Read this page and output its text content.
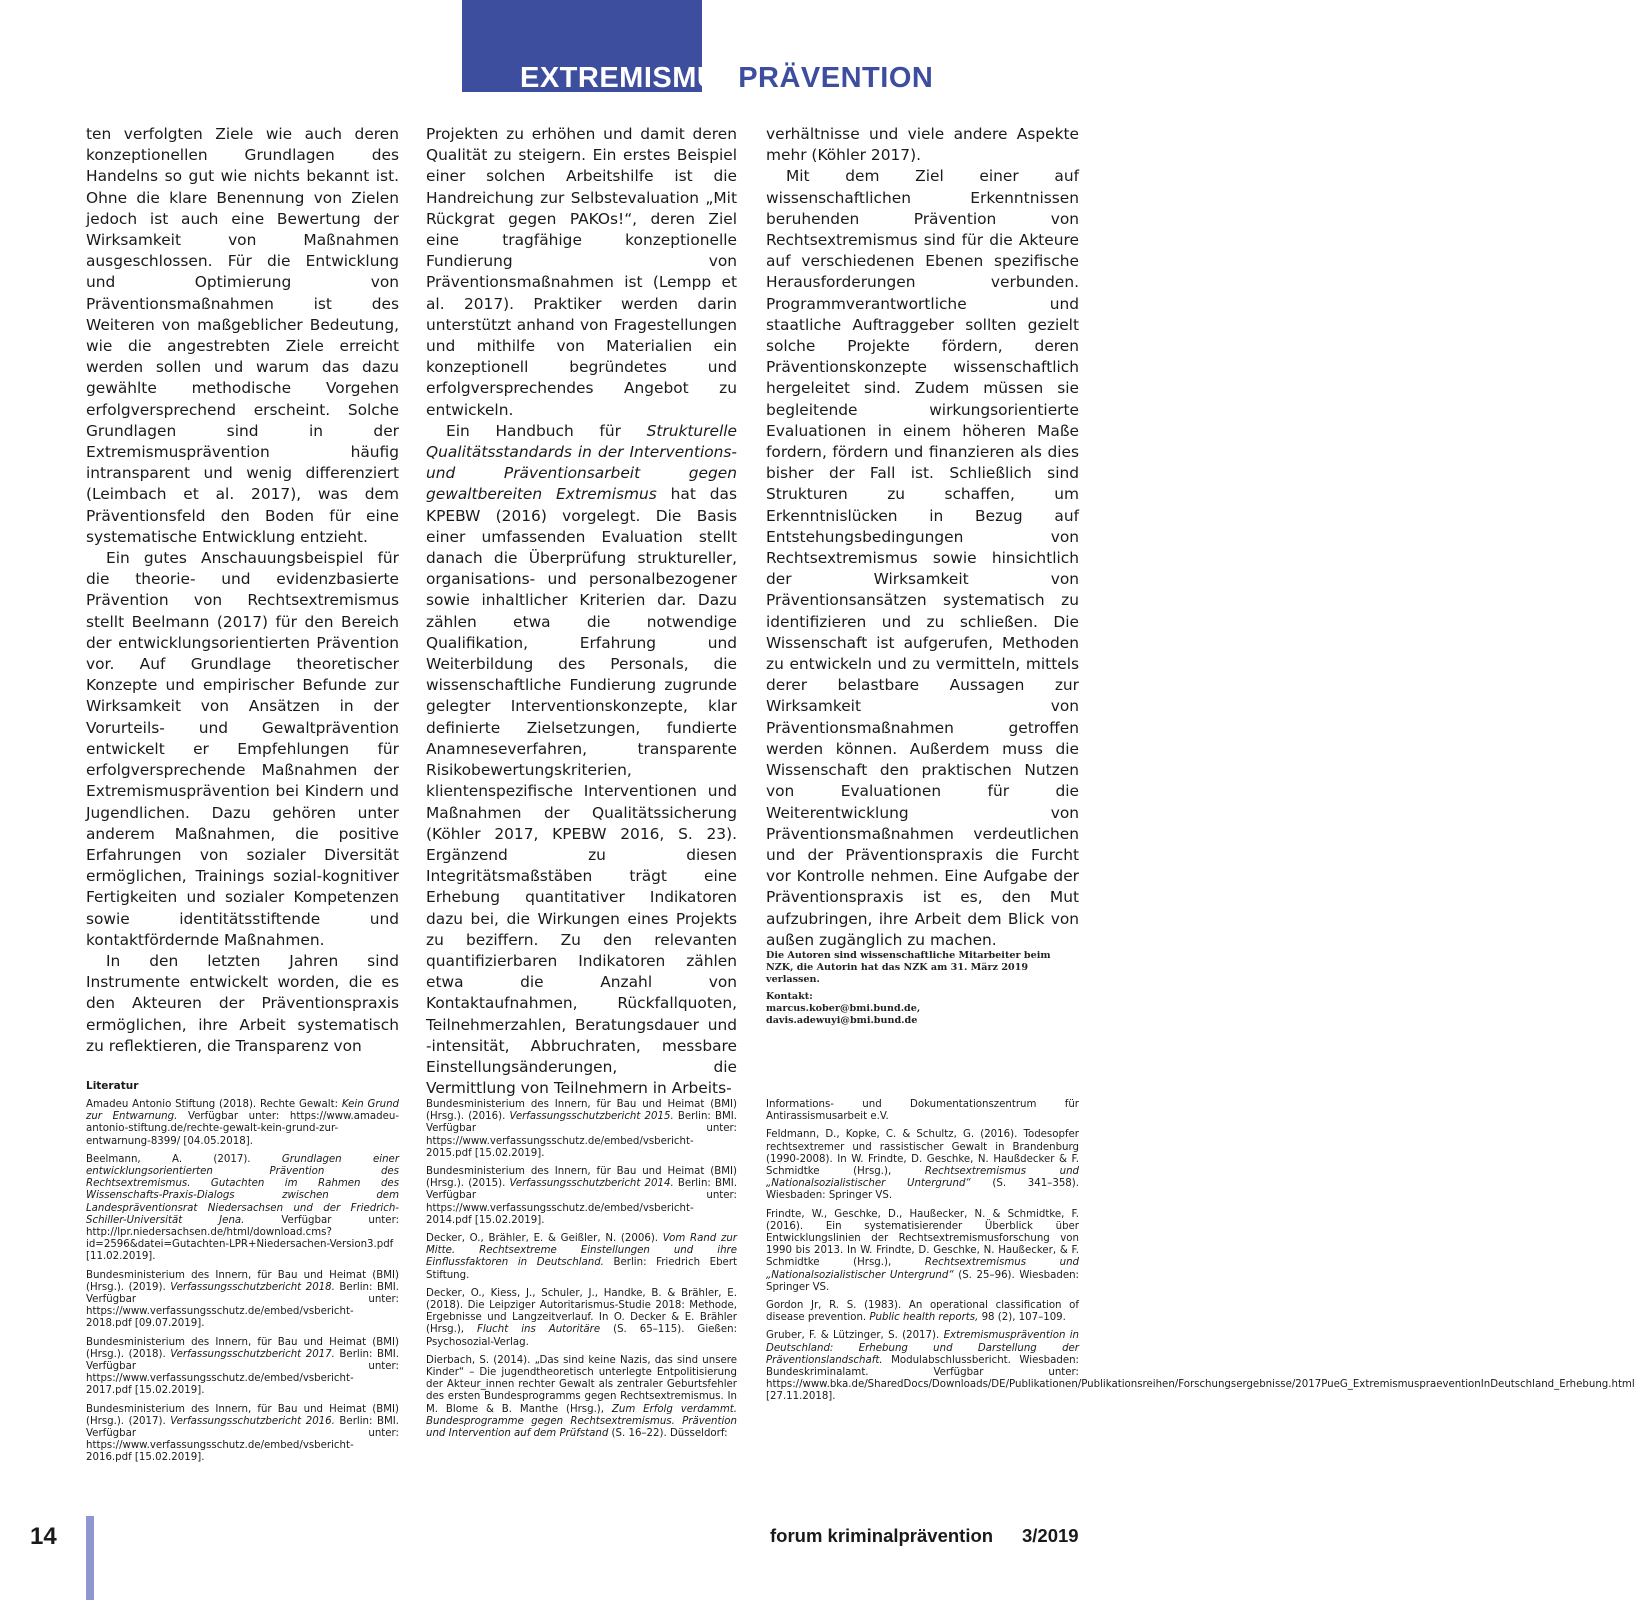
EXTREMISMUSPRÄVENTION

ten verfolgten Ziele wie auch deren konzeptionellen Grundlagen des Handelns so gut wie nichts bekannt ist. Ohne die klare Benennung von Zielen jedoch ist auch eine Bewertung der Wirksamkeit von Maßnahmen ausgeschlossen. Für die Entwicklung und Optimierung von Präventionsmaßnahmen ist des Weiteren von maßgeblicher Bedeutung, wie die angestrebten Ziele erreicht werden sollen und warum das dazu gewählte methodische Vorgehen erfolgversprechend erscheint. Solche Grundlagen sind in der Extremismusprävention häufig intransparent und wenig differenziert (Leimbach et al. 2017), was dem Präventionsfeld den Boden für eine systematische Entwicklung entzieht.

Ein gutes Anschauungsbeispiel für die theorie- und evidenzbasierte Prävention von Rechtsextremismus stellt Beelmann (2017) für den Bereich der entwicklungsorientierten Prävention vor. Auf Grundlage theoretischer Konzepte und empirischer Befunde zur Wirksamkeit von Ansätzen in der Vorurteils- und Gewaltprävention entwickelt er Empfehlungen für erfolgversprechende Maßnahmen der Extremismusprävention bei Kindern und Jugendlichen. Dazu gehören unter anderem Maßnahmen, die positive Erfahrungen von sozialer Diversität ermöglichen, Trainings sozial-kognitiver Fertigkeiten und sozialer Kompetenzen sowie identitätsstiftende und kontaktfördernde Maßnahmen.

In den letzten Jahren sind Instrumente entwickelt worden, die es den Akteuren der Präventionspraxis ermöglichen, ihre Arbeit systematisch zu reflektieren, die Transparenz von

Projekten zu erhöhen und damit deren Qualität zu steigern. Ein erstes Beispiel einer solchen Arbeitshilfe ist die Handreichung zur Selbstevaluation „Mit Rückgrat gegen PAKOs!“, deren Ziel eine tragfähige konzeptionelle Fundierung von Präventionsmaßnahmen ist (Lempp et al. 2017). Praktiker werden darin unterstützt anhand von Fragestellungen und mithilfe von Materialien ein konzeptionell begründetes und erfolgversprechendes Angebot zu entwickeln.

Ein Handbuch für Strukturelle Qualitätsstandards in der Interventions- und Präventionsarbeit gegen gewaltbereiten Extremismus hat das KPEBW (2016) vorgelegt. Die Basis einer umfassenden Evaluation stellt danach die Überprüfung struktureller, organisations- und personalbezogener sowie inhaltlicher Kriterien dar. Dazu zählen etwa die notwendige Qualifikation, Erfahrung und Weiterbildung des Personals, die wissenschaftliche Fundierung zugrunde gelegter Interventionskonzepte, klar definierte Zielsetzungen, fundierte Anamneseverfahren, transparente Risikobewertungskriterien, klientenspezifische Interventionen und Maßnahmen der Qualitätssicherung (Köhler 2017, KPEBW 2016, S. 23). Ergänzend zu diesen Integritätsmaßstäben trägt eine Erhebung quantitativer Indikatoren dazu bei, die Wirkungen eines Projekts zu beziffern. Zu den relevanten quantifizierbaren Indikatoren zählen etwa die Anzahl von Kontaktaufnahmen, Rückfallquoten, Teilnehmerzahlen, Beratungsdauer und -intensität, Abbruchraten, messbare Einstellungsänderungen, die Vermittlung von Teilnehmern in Arbeits-

verhältnisse und viele andere Aspekte mehr (Köhler 2017).

Mit dem Ziel einer auf wissenschaftlichen Erkenntnissen beruhenden Prävention von Rechtsextremismus sind für die Akteure auf verschiedenen Ebenen spezifische Herausforderungen verbunden. Programmverantwortliche und staatliche Auftraggeber sollten gezielt solche Projekte fördern, deren Präventionskonzepte wissenschaftlich hergeleitet sind. Zudem müssen sie begleitende wirkungsorientierte Evaluationen in einem höheren Maße fordern, fördern und finanzieren als dies bisher der Fall ist. Schließlich sind Strukturen zu schaffen, um Erkenntnislücken in Bezug auf Entstehungsbedingungen von Rechtsextremismus sowie hinsichtlich der Wirksamkeit von Präventionsansätzen systematisch zu identifizieren und zu schließen. Die Wissenschaft ist aufgerufen, Methoden zu entwickeln und zu vermitteln, mittels derer belastbare Aussagen zur Wirksamkeit von Präventionsmaßnahmen getroffen werden können. Außerdem muss die Wissenschaft den praktischen Nutzen von Evaluationen für die Weiterentwicklung von Präventionsmaßnahmen verdeutlichen und der Präventionspraxis die Furcht vor Kontrolle nehmen. Eine Aufgabe der Präventionspraxis ist es, den Mut aufzubringen, ihre Arbeit dem Blick von außen zugänglich zu machen.

Die Autoren sind wissenschaftliche Mitarbeiter beim NZK, die Autorin hat das NZK am 31. März 2019 verlassen.
Kontakt:
marcus.kober@bmi.bund.de,
davis.adewuyi@bmi.bund.de
Literatur

Amadeu Antonio Stiftung (2018). Rechte Gewalt: Kein Grund zur Entwarnung. Verfügbar unter: https://www.amadeu-antonio-stiftung.de/rechte-gewalt-kein-grund-zur-entwarnung-8399/ [04.05.2018].

Beelmann, A. (2017). Grundlagen einer entwicklungsorientierten Prävention des Rechtsextremismus. Gutachten im Rahmen des Wissenschafts-Praxis-Dialogs zwischen dem Landespräventionsrat Niedersachsen und der Friedrich-Schiller-Universität Jena. Verfügbar unter: http://lpr.niedersachsen.de/html/download.cms?id=2596&datei=Gutachten-LPR+Niedersachen-Version3.pdf [11.02.2019].

Bundesministerium des Innern, für Bau und Heimat (BMI) (Hrsg.). (2019). Verfassungsschutzbericht 2018. Berlin: BMI. Verfügbar unter: https://www.verfassungsschutz.de/embed/vsbericht-2018.pdf [09.07.2019].

Bundesministerium des Innern, für Bau und Heimat (BMI) (Hrsg.). (2018). Verfassungsschutzbericht 2017. Berlin: BMI. Verfügbar unter: https://www.verfassungsschutz.de/embed/vsbericht-2017.pdf [15.02.2019].

Bundesministerium des Innern, für Bau und Heimat (BMI) (Hrsg.). (2017). Verfassungsschutzbericht 2016. Berlin: BMI. Verfügbar unter: https://www.verfassungsschutz.de/embed/vsbericht-2016.pdf [15.02.2019].

Bundesministerium des Innern, für Bau und Heimat (BMI) (Hrsg.). (2016). Verfassungsschutzbericht 2015. Berlin: BMI. Verfügbar unter: https://www.verfassungsschutz.de/embed/vsbericht-2015.pdf [15.02.2019].

Bundesministerium des Innern, für Bau und Heimat (BMI) (Hrsg.). (2015). Verfassungsschutzbericht 2014. Berlin: BMI. Verfügbar unter: https://www.verfassungsschutz.de/embed/vsbericht-2014.pdf [15.02.2019].

Decker, O., Brähler, E. & Geißler, N. (2006). Vom Rand zur Mitte. Rechtsextreme Einstellungen und ihre Einflussfaktoren in Deutschland. Berlin: Friedrich Ebert Stiftung.

Decker, O., Kiess, J., Schuler, J., Handke, B. & Brähler, E. (2018). Die Leipziger Autoritarismus-Studie 2018: Methode, Ergebnisse und Langzeitverlauf. In O. Decker & E. Brähler (Hrsg.), Flucht ins Autoritäre (S. 65–115). Gießen: Psychosozial-Verlag.

Dierbach, S. (2014). „Das sind keine Nazis, das sind unsere Kinder“ – Die jugendtheoretisch unterlegte Entpolitisierung der Akteur_innen rechter Gewalt als zentraler Geburtsfehler des ersten Bundesprogramms gegen Rechtsextremismus. In M. Blome & B. Manthe (Hrsg.), Zum Erfolg verdammt. Bundesprogramme gegen Rechtsextremismus. Prävention und Intervention auf dem Prüfstand (S. 16–22). Düsseldorf:

Informations- und Dokumentationszentrum für Antirassismusarbeit e.V.

Feldmann, D., Kopke, C. & Schultz, G. (2016). Todesopfer rechtsextremer und rassistischer Gewalt in Brandenburg (1990-2008). In W. Frindte, D. Geschke, N. Haußdecker & F. Schmidtke (Hrsg.), Rechtsextremismus und „Nationalsozialistischer Untergrund“ (S. 341–358). Wiesbaden: Springer VS.

Frindte, W., Geschke, D., Haußecker, N. & Schmidtke, F. (2016). Ein systematisierender Überblick über Entwicklungslinien der Rechtsextremismusforschung von 1990 bis 2013. In W. Frindte, D. Geschke, N. Haußecker, & F. Schmidtke (Hrsg.), Rechtsextremismus und „Nationalsozialistischer Untergrund“ (S. 25–96). Wiesbaden: Springer VS.

Gordon Jr, R. S. (1983). An operational classification of disease prevention. Public health reports, 98 (2), 107–109.

Gruber, F. & Lützinger, S. (2017). Extremismusprävention in Deutschland: Erhebung und Darstellung der Präventionslandschaft. Modulabschlussbericht. Wiesbaden: Bundeskriminalamt. Verfügbar unter: https://www.bka.de/SharedDocs/Downloads/DE/Publikationen/Publikationsreihen/Forschungsergebnisse/2017PueG_ExtremismuspraeventionInDeutschland_Erhebung.html [27.11.2018].

14	forum kriminalprävention 3/2019
